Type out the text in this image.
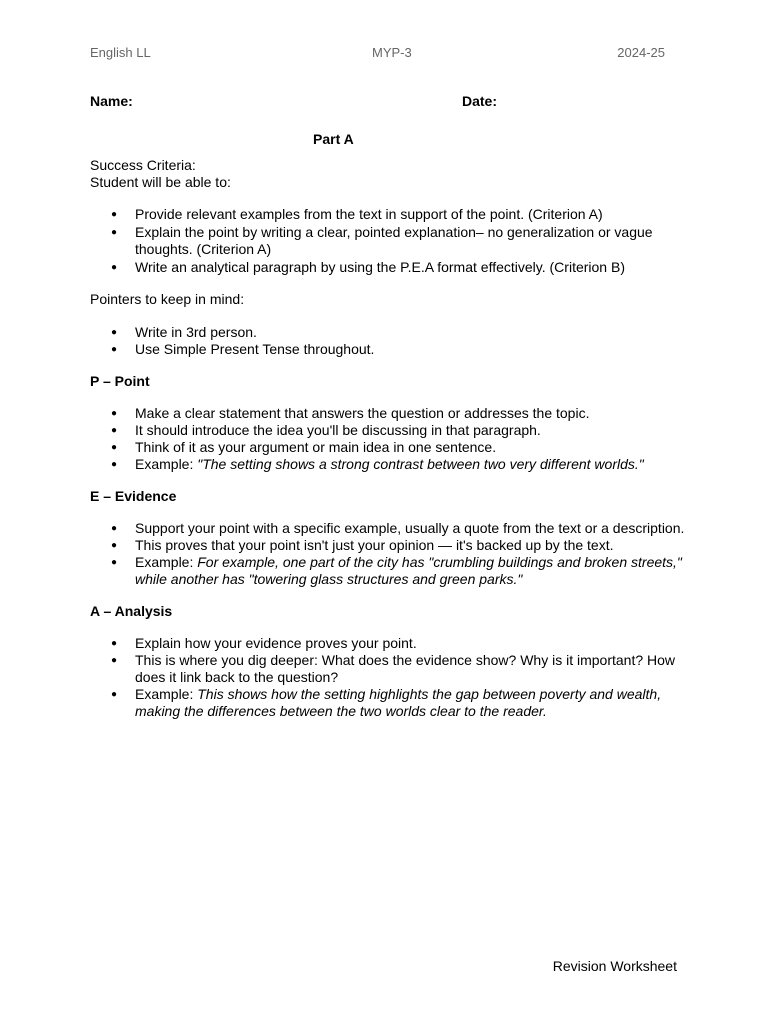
English LL	MYP-3	2024-25
Name:	Date:

Part A

Success Criteria:

Student will be able to:

● Provide relevant examples from the text in support of the point. (Criterion A)
● Explain the point by writing a clear, pointed explanation– no generalization or vague thoughts. (Criterion A)
● Write an analytical paragraph by using the P.E.A format effectively. (Criterion B)

Pointers to keep in mind:

● Write in 3rd person.
● Use Simple Present Tense throughout.

P – Point

● Make a clear statement that answers the question or addresses the topic.
● It should introduce the idea you'll be discussing in that paragraph.
● Think of it as your argument or main idea in one sentence.
● Example: "The setting shows a strong contrast between two very different worlds."

E – Evidence

● Support your point with a specific example, usually a quote from the text or a description.
● This proves that your point isn't just your opinion — it's backed up by the text.
● Example: For example, one part of the city has "crumbling buildings and broken streets," while another has "towering glass structures and green parks."

A – Analysis

● Explain how your evidence proves your point.
● This is where you dig deeper: What does the evidence show? Why is it important? How does it link back to the question?
● Example: This shows how the setting highlights the gap between poverty and wealth, making the differences between the two worlds clear to the reader.
Revision Worksheet
